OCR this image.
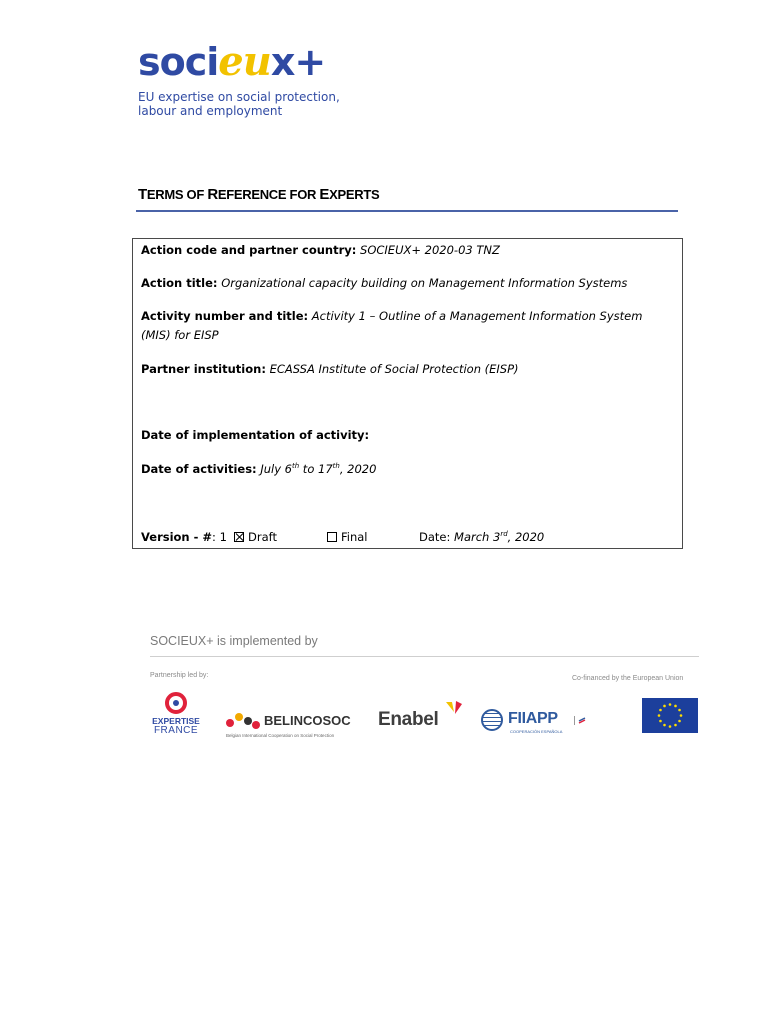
socieux+
EU expertise on social protection, labour and employment
TERMS OF REFERENCE FOR EXPERTS
Action code and partner country: SOCIEUX+ 2020-03 TNZ
Action title: Organizational capacity building on Management Information Systems
Activity number and title: Activity 1 – Outline of a Management Information System (MIS) for EISP
Partner institution: ECASSA Institute of Social Protection (EISP)
Date of implementation of activity:
Date of activities: July 6th to 17th, 2020
Version - #: 1	Draft	Final	Date: March 3rd, 2020
SOCIEUX+ is implemented by
Partnership led by:	Co-financed by the European Union
EXPERTISE
FRANCE
BELINCOSOC
Belgian International Cooperation on Social Protection
Enabel	FIIAPP
COOPERACIÓN ESPAÑOLA
